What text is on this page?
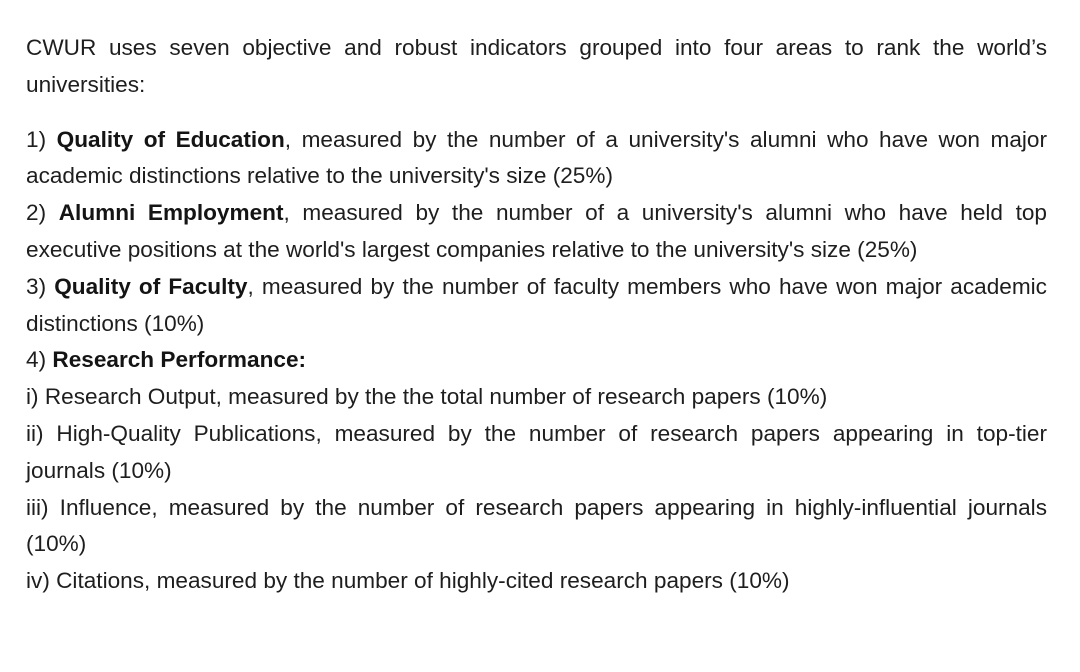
CWUR uses seven objective and robust indicators grouped into four areas to rank the world’s universities:

1) Quality of Education, measured by the number of a university's alumni who have won major academic distinctions relative to the university's size (25%)

2) Alumni Employment, measured by the number of a university's alumni who have held top executive positions at the world's largest companies relative to the university's size (25%)

3) Quality of Faculty, measured by the number of faculty members who have won major academic distinctions (10%)

4) Research Performance:

i) Research Output, measured by the the total number of research papers (10%)

ii) High-Quality Publications, measured by the number of research papers appearing in top-tier journals (10%)

iii) Influence, measured by the number of research papers appearing in highly-influential journals (10%)

iv) Citations, measured by the number of highly-cited research papers (10%)
